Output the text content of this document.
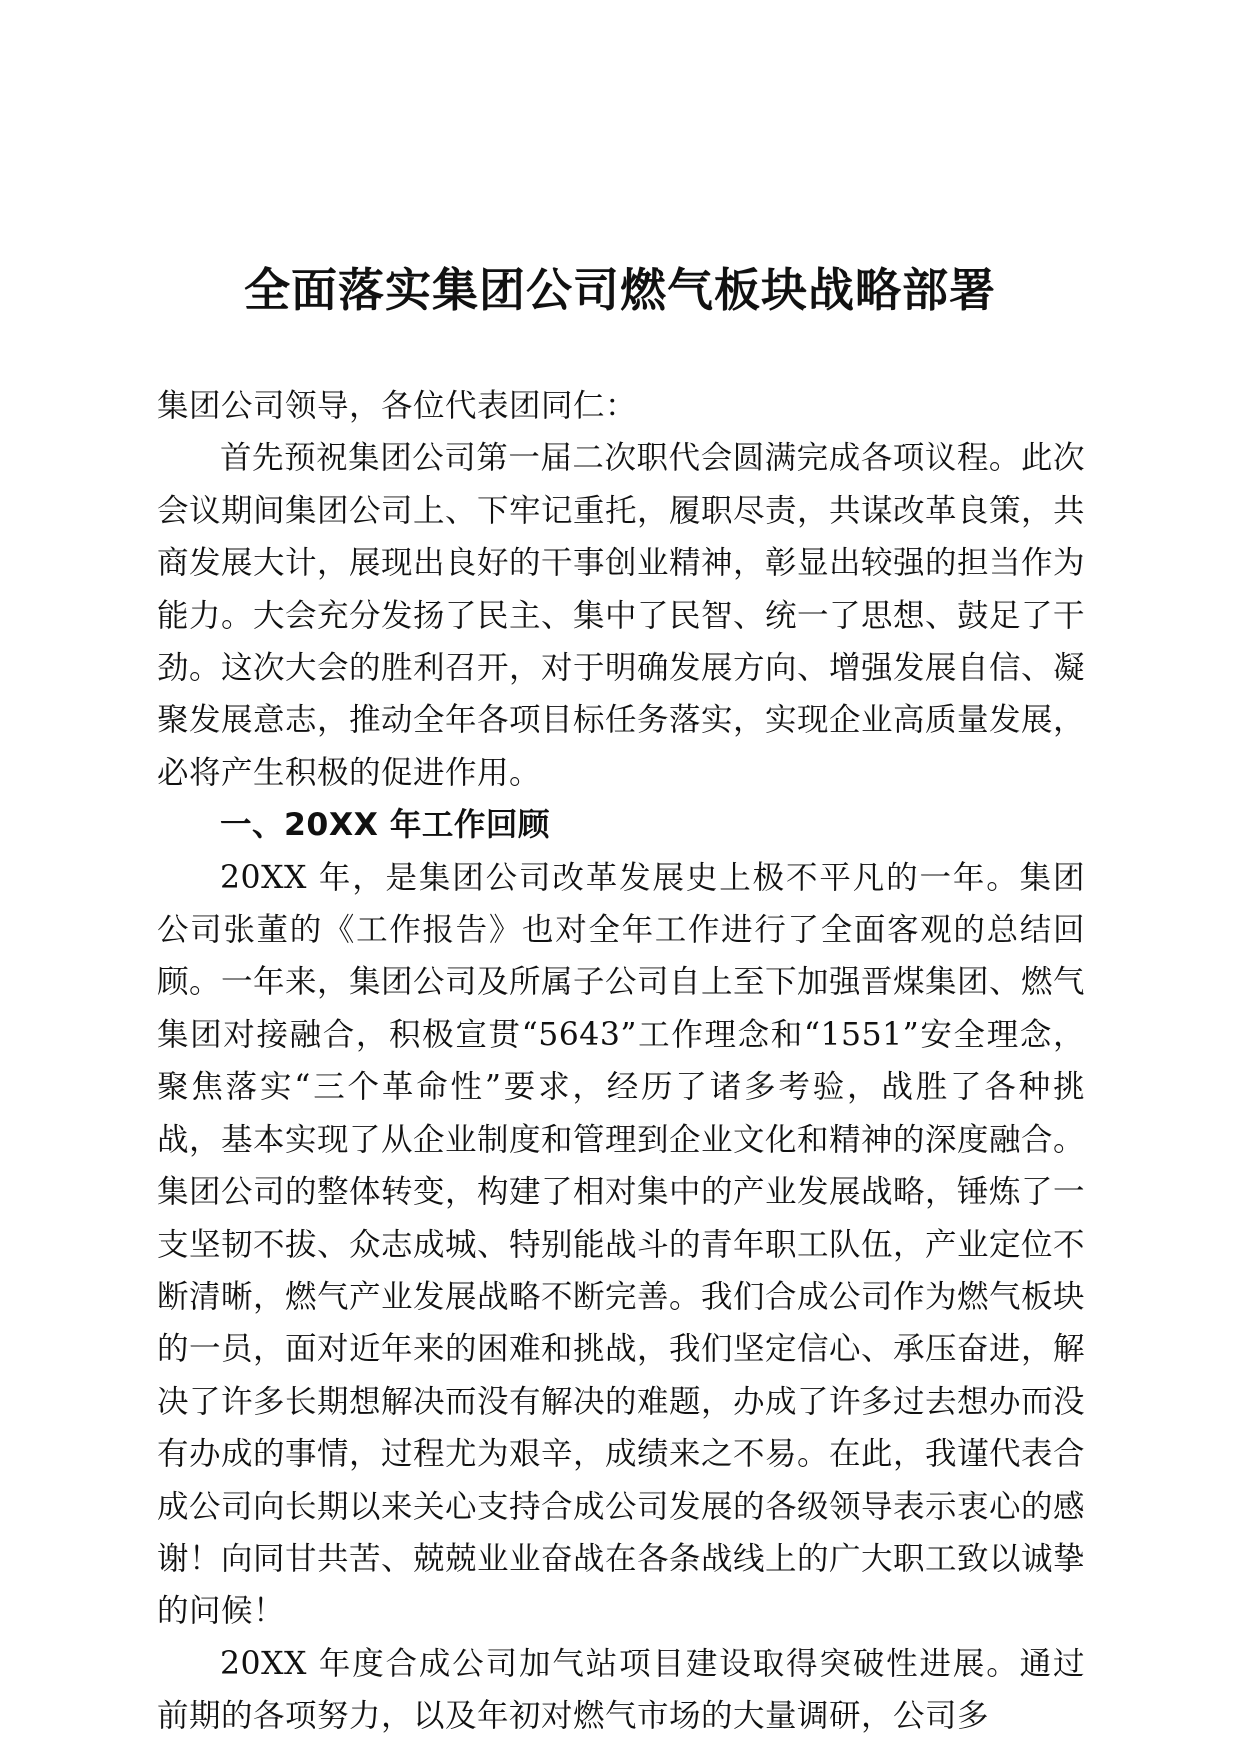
全面落实集团公司燃气板块战略部署

集团公司领导，各位代表团同仁：

首先预祝集团公司第一届二次职代会圆满完成各项议程。此次会议期间集团公司上、下牢记重托，履职尽责，共谋改革良策，共商发展大计，展现出良好的干事创业精神，彰显出较强的担当作为能力。大会充分发扬了民主、集中了民智、统一了思想、鼓足了干劲。这次大会的胜利召开，对于明确发展方向、增强发展自信、凝聚发展意志，推动全年各项目标任务落实，实现企业高质量发展，必将产生积极的促进作用。

一、20XX 年工作回顾

20XX 年，是集团公司改革发展史上极不平凡的一年。集团公司张董的《工作报告》也对全年工作进行了全面客观的总结回顾。一年来，集团公司及所属子公司自上至下加强晋煤集团、燃气集团对接融合，积极宣贯“5643”工作理念和“1551”安全理念，聚焦落实“三个革命性”要求，经历了诸多考验，战胜了各种挑战，基本实现了从企业制度和管理到企业文化和精神的深度融合。集团公司的整体转变，构建了相对集中的产业发展战略，锤炼了一支坚韧不拔、众志成城、特别能战斗的青年职工队伍，产业定位不断清晰，燃气产业发展战略不断完善。我们合成公司作为燃气板块的一员，面对近年来的困难和挑战，我们坚定信心、承压奋进，解决了许多长期想解决而没有解决的难题，办成了许多过去想办而没有办成的事情，过程尤为艰辛，成绩来之不易。在此，我谨代表合成公司向长期以来关心支持合成公司发展的各级领导表示衷心的感谢！向同甘共苦、兢兢业业奋战在各条战线上的广大职工致以诚挚的问候！

20XX 年度合成公司加气站项目建设取得突破性进展。通过前期的各项努力，以及年初对燃气市场的大量调研，公司多
